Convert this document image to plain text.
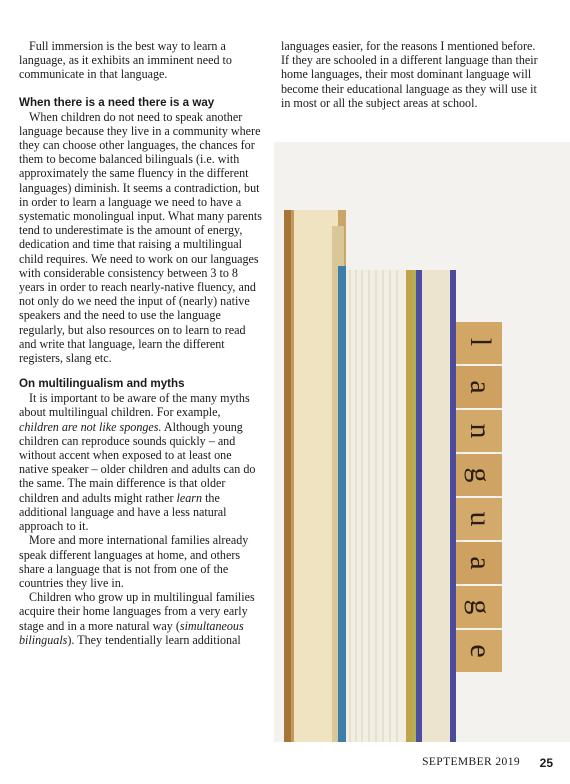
Full immersion is the best way to learn a language, as it exhibits an imminent need to communicate in that language.

When there is a need there is a way

When children do not need to speak another language because they live in a community where they can choose other languages, the chances for them to become balanced bilinguals (i.e. with approximately the same fluency in the different languages) diminish. It seems a contradiction, but in order to learn a language we need to have a systematic monolingual input. What many parents tend to underestimate is the amount of energy, dedication and time that raising a multilingual child requires. We need to work on our languages with considerable consistency between 3 to 8 years in order to reach nearly-native fluency, and not only do we need the input of (nearly) native speakers and the need to use the language regularly, but also resources on to learn to read and write that language, learn the different registers, slang etc.

On multilingualism and myths

It is important to be aware of the many myths about multilingual children. For example, children are not like sponges. Although young children can reproduce sounds quickly – and without accent when exposed to at least one native speaker – older children and adults can do the same. The main difference is that older children and adults might rather learn the additional language and have a less natural approach to it.

More and more international families already speak different languages at home, and others share a language that is not from one of the countries they live in.

Children who grow up in multilingual families acquire their home languages from a very early stage and in a more natural way (simultaneous bilinguals). They tendentially learn additional

languages easier, for the reasons I mentioned before. If they are schooled in a different language than their home languages, their most dominant language will become their educational language as they will use it in most or all the subject areas at school.

l
a
n
g
u
a
g
e
SEPTEMBER 2019 25
